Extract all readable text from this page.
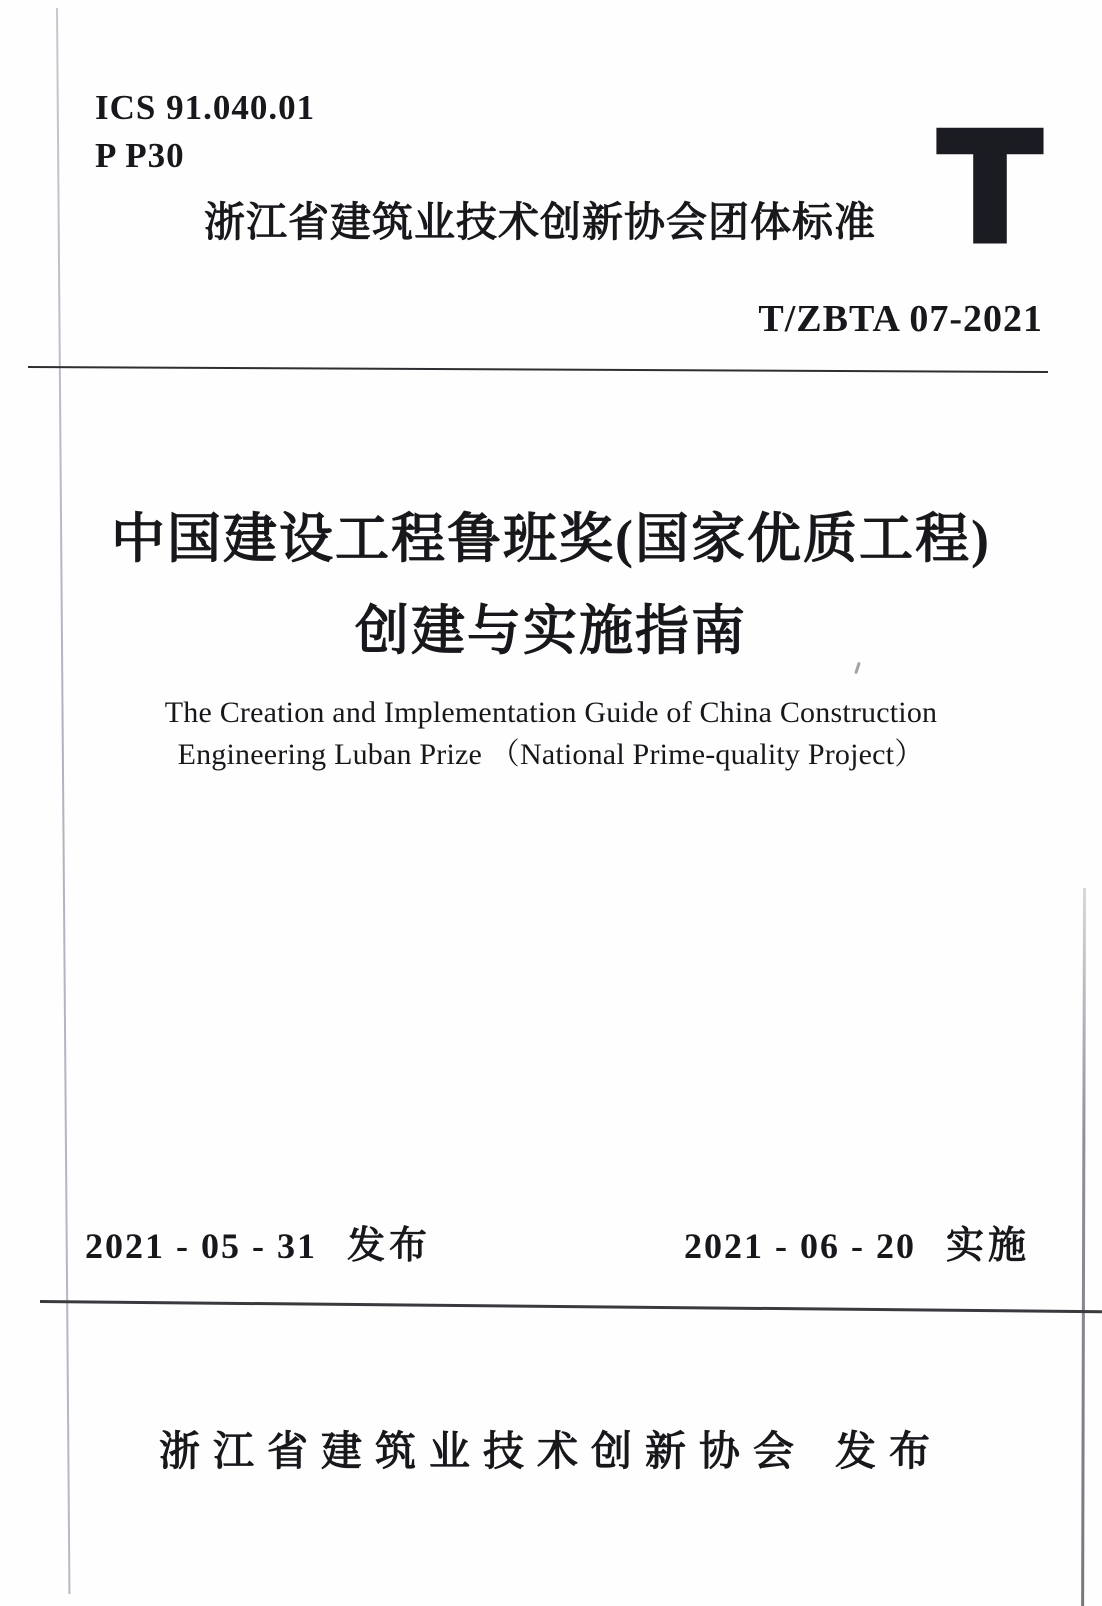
ICS 91.040.01
P P30
浙江省建筑业技术创新协会团体标准 T
T/ZBTA 07-2021
中国建设工程鲁班奖(国家优质工程)
创建与实施指南
The Creation and Implementation Guide of China Construction
Engineering Luban Prize （National Prime-quality Project）
2021 - 05 - 31 发布	2021 - 06 - 20 实施
浙江省建筑业技术创新协会 发布
